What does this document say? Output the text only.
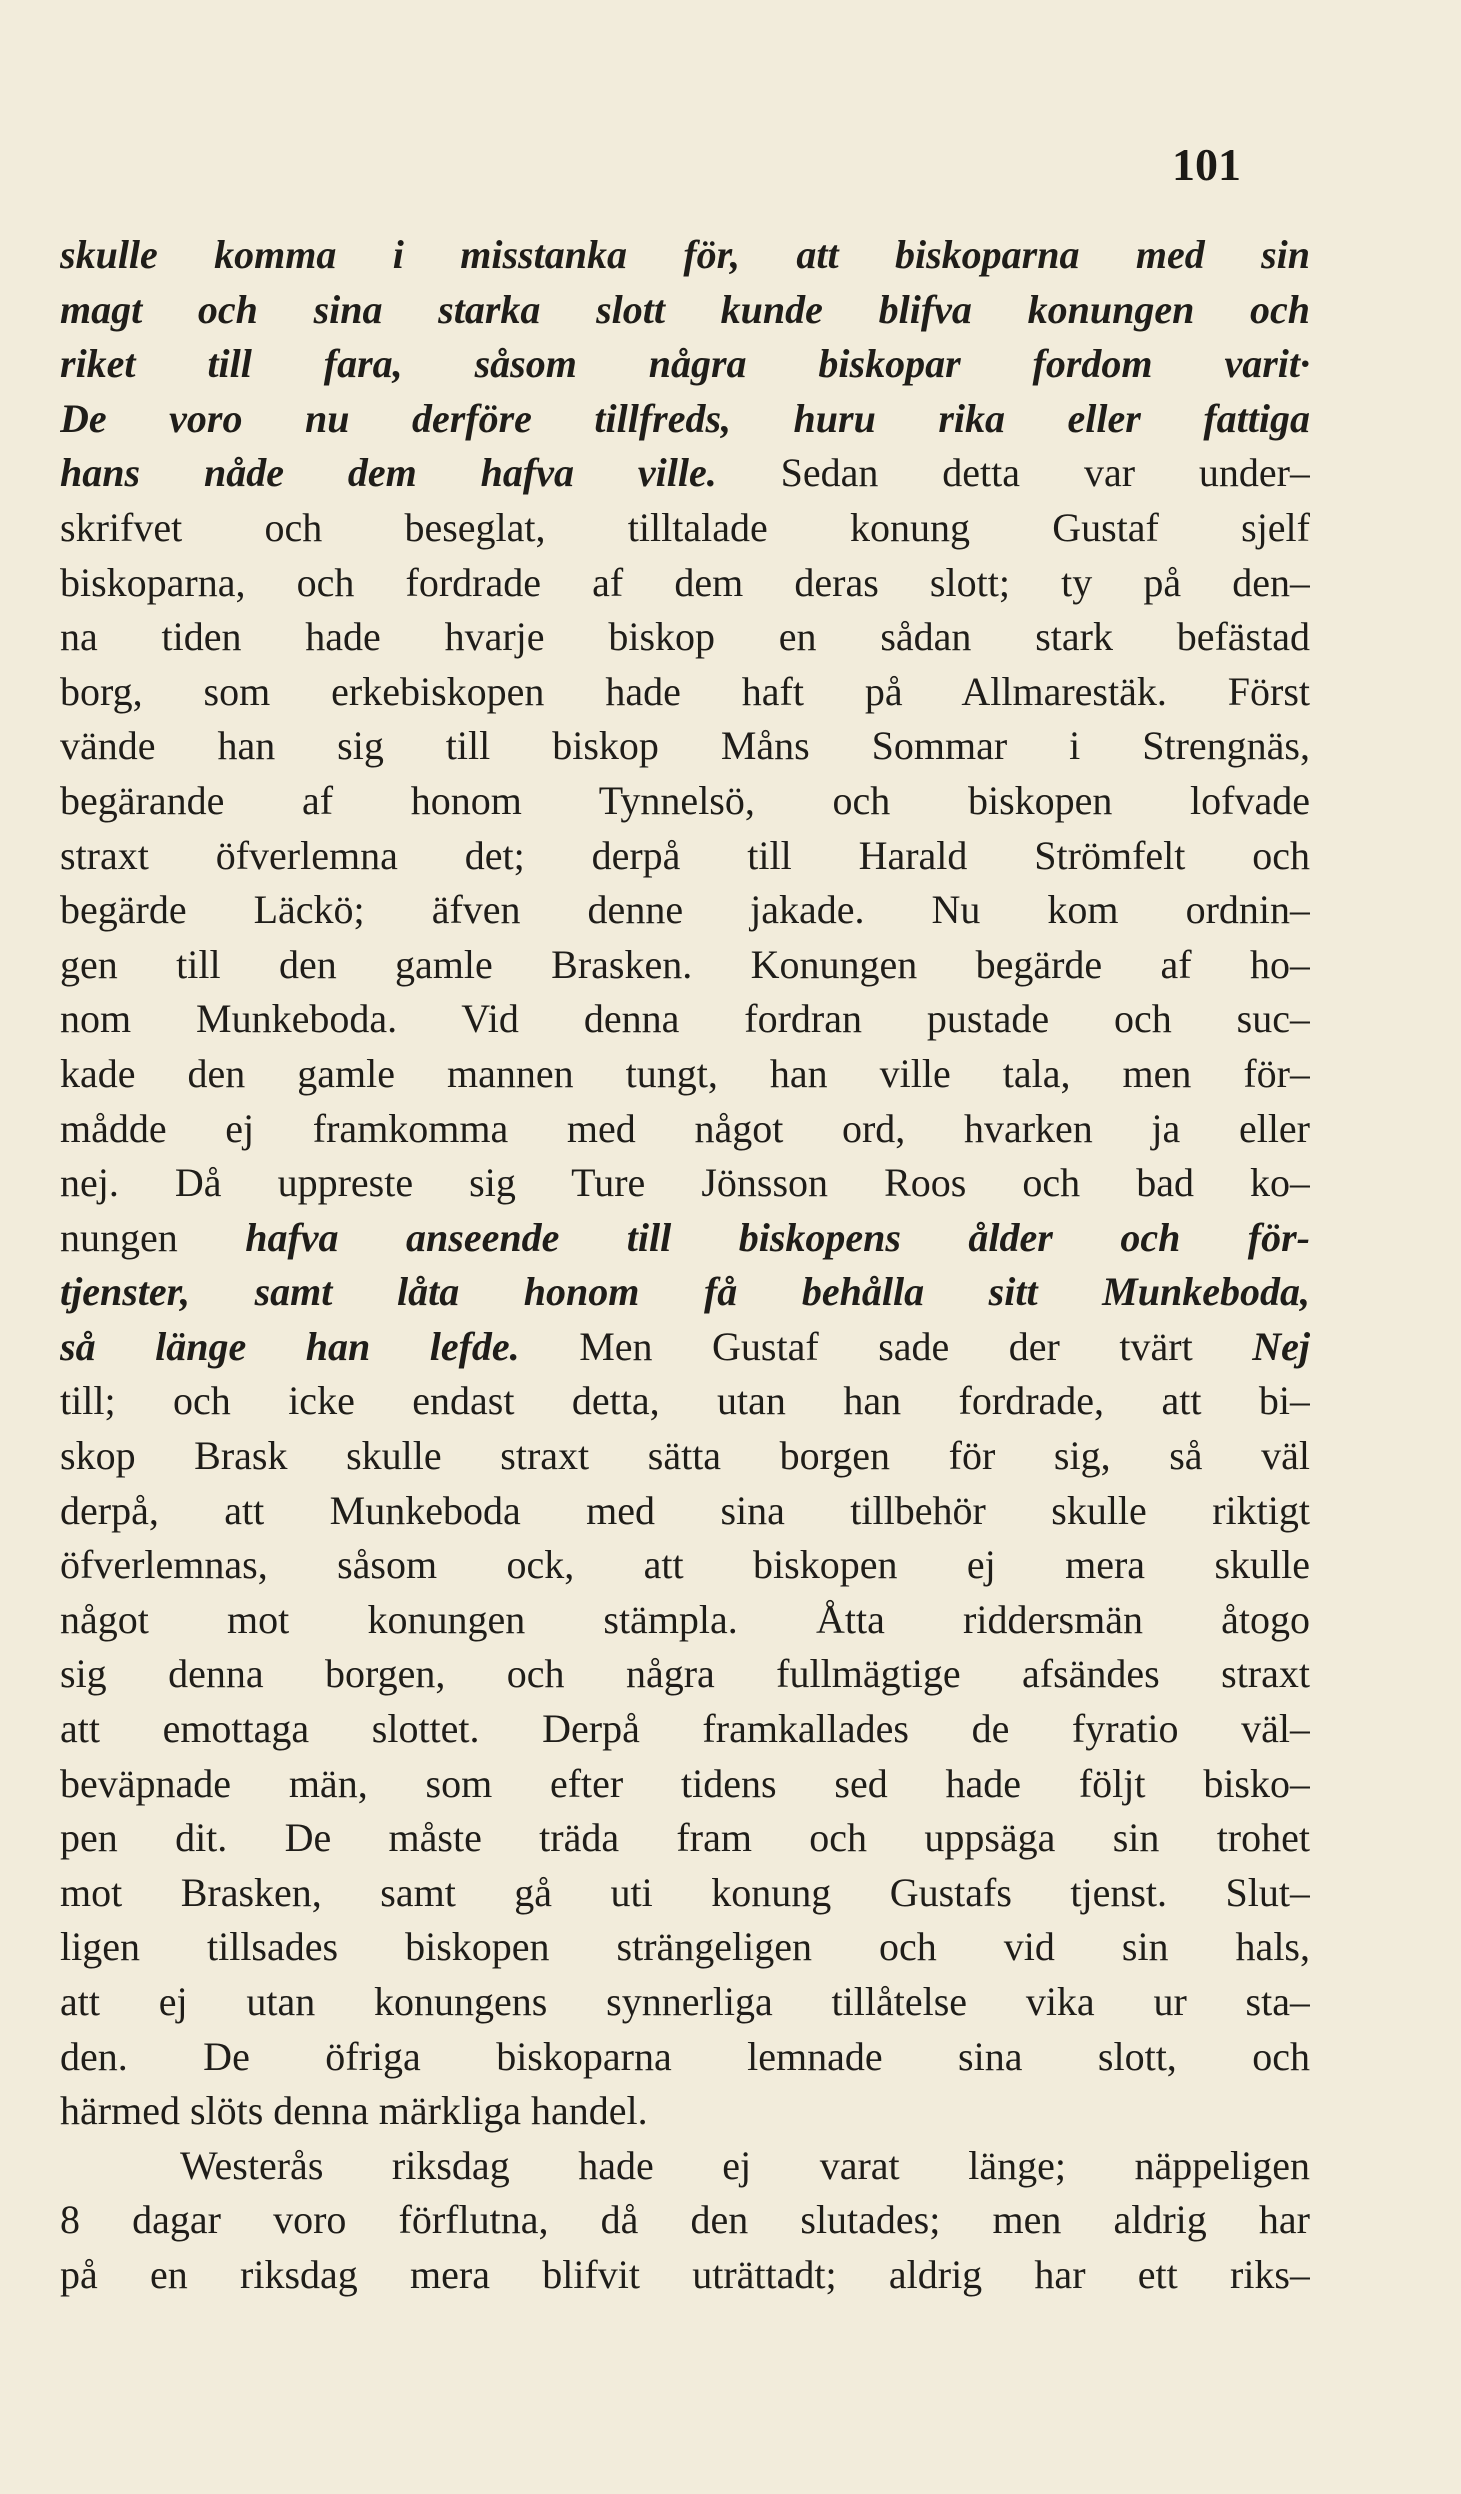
101
skulle komma i misstanka för, att biskoparna med sin
magt och sina starka slott kunde blifva konungen och
riket till fara, såsom några biskopar fordom varit·
De voro nu derföre tillfreds, huru rika eller fattiga
hans nåde dem hafva ville. Sedan detta var under–
skrifvet och beseglat, tilltalade konung Gustaf sjelf
biskoparna, och fordrade af dem deras slott; ty på den–
na tiden hade hvarje biskop en sådan stark befästad
borg, som erkebiskopen hade haft på Allmarestäk. Först
vände han sig till biskop Måns Sommar i Strengnäs,
begärande af honom Tynnelsö, och biskopen lofvade
straxt öfverlemna det; derpå till Harald Strömfelt och
begärde Läckö; äfven denne jakade. Nu kom ordnin–
gen till den gamle Brasken. Konungen begärde af ho–
nom Munkeboda. Vid denna fordran pustade och suc–
kade den gamle mannen tungt, han ville tala, men för–
mådde ej framkomma med något ord, hvarken ja eller
nej. Då uppreste sig Ture Jönsson Roos och bad ko–
nungen hafva anseende till biskopens ålder och för-
tjenster, samt låta honom få behålla sitt Munkeboda,
så länge han lefde. Men Gustaf sade der tvärt Nej
till; och icke endast detta, utan han fordrade, att bi–
skop Brask skulle straxt sätta borgen för sig, så väl
derpå, att Munkeboda med sina tillbehör skulle riktigt
öfverlemnas, såsom ock, att biskopen ej mera skulle
något mot konungen stämpla. Åtta riddersmän åtogo
sig denna borgen, och några fullmägtige afsändes straxt
att emottaga slottet. Derpå framkallades de fyratio väl–
beväpnade män, som efter tidens sed hade följt bisko–
pen dit. De måste träda fram och uppsäga sin trohet
mot Brasken, samt gå uti konung Gustafs tjenst. Slut–
ligen tillsades biskopen strängeligen och vid sin hals,
att ej utan konungens synnerliga tillåtelse vika ur sta–
den. De öfriga biskoparna lemnade sina slott, och
härmed slöts denna märkliga handel.
Westerås riksdag hade ej varat länge; näppeligen
8 dagar voro förflutna, då den slutades; men aldrig har
på en riksdag mera blifvit uträttadt; aldrig har ett riks–
